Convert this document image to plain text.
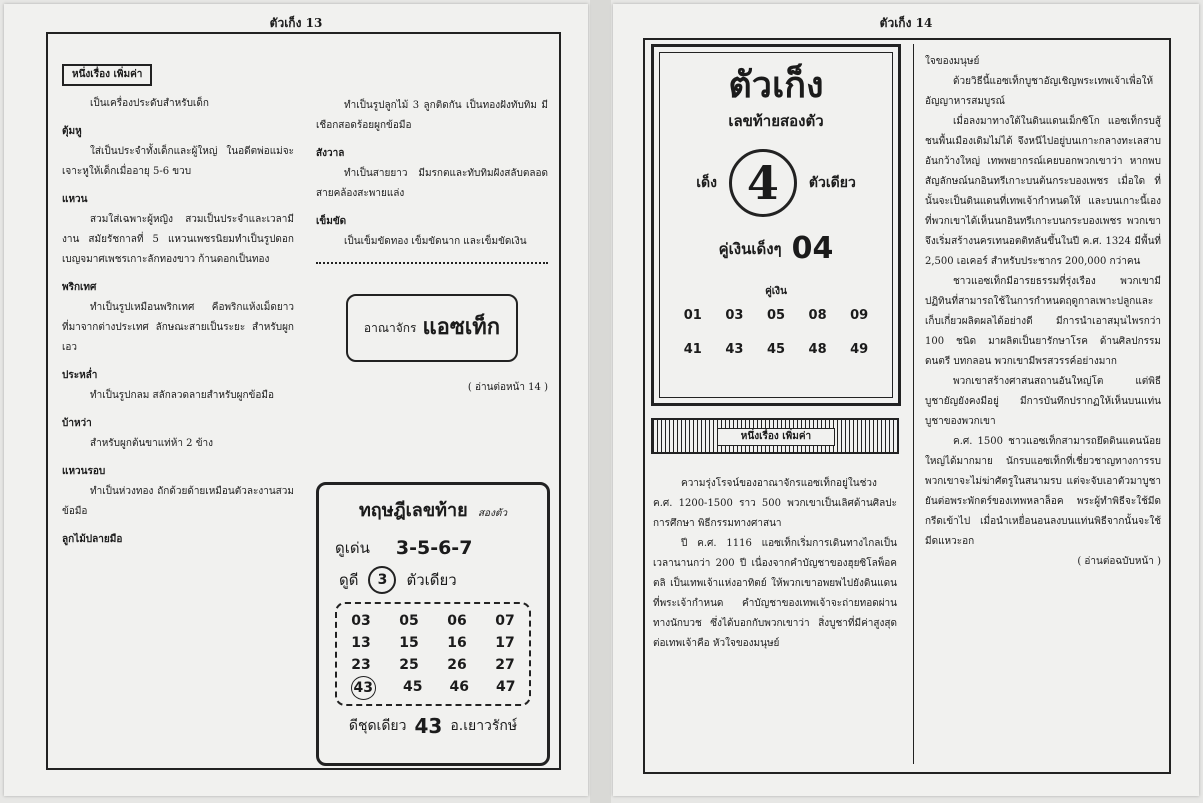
ตัวเก็ง 13
หนึ่งเรื่อง เพิ่มค่า

เป็นเครื่องประดับสำหรับเด็ก

ตุ้มหู

ใส่เป็นประจำทั้งเด็กและผู้ใหญ่ ในอดีตพ่อแม่จะเจาะหูให้เด็กเมื่ออายุ 5-6 ขวบ

แหวน

สวมใส่เฉพาะผู้หญิง สวมเป็นประจำและเวลามีงาน สมัยรัชกาลที่ 5 แหวนเพชรนิยมทำเป็นรูปดอกเบญจมาศเพชรเกาะลักทองขาว ก้านดอกเป็นทอง

พริกเทศ

ทำเป็นรูปเหมือนพริกเทศ คือพริกแห้งเม็ดยาวที่มาจากต่างประเทศ ลักษณะสายเป็นระยะ สำหรับผูกเอว

ประหล่ำ

ทำเป็นรูปกลม สลักลวดลายสำหรับผูกข้อมือ

บ้าหว่า

สำหรับผูกต้นขาแท่ห้า 2 ข้าง

แหวนรอบ

ทำเป็นห่วงทอง ถักด้วยด้ายเหมือนตัวละงานสวมข้อมือ

ลูกไม้ปลายมือ

ทำเป็นรูปลูกไม้ 3 ลูกติดกัน เป็นทองฝังทับทิม มีเชือกสอดร้อยผูกข้อมือ

สังวาล

ทำเป็นสายยาว มีมรกตและทับทิมฝังสลับตลอดสายคล้องสะพายแล่ง

เข็มขัด

เป็นเข็มขัดทอง เข็มขัดนาก และเข็มขัดเงิน

อาณาจักร แอซเท็ก
( อ่านต่อหน้า 14 )
ทฤษฎีเลขท้าย สองตัว
ดูเด่น 3-5-6-7
ดูดี	3	ตัวเดียว
03 05 06 07
13 15 16 17
23 25 26 27
43 45 46 47
ดีชุดเดียว 43 อ.เยาวรักษ์
ตัวเก็ง 14
ตัวเก็ง
เลขท้ายสองตัว
เด็ง 4	ตัวเดียว
คู่เงินเด็งๆ 04
คู่เงิน
01 03 05 08 09
41 43 45 48 49
หนึ่งเรื่อง เพิ่มค่า

ความรุ่งโรจน์ของอาณาจักรแอซเท็กอยู่ในช่วง ค.ศ. 1200-1500 ราว 500 พวกเขาเป็นเลิศด้านศิลปะ การศึกษา พิธีกรรมทางศาสนา

ปี ค.ศ. 1116 แอซเท็กเริ่มการเดินทางไกลเป็นเวลานานกว่า 200 ปี เนื่องจากคำบัญชาของฮุยซิโลพ็อคตลิ เป็นเทพเจ้าแห่งอาทิตย์ ให้พวกเขาอพยพไปยังดินแดนที่พระเจ้ากำหนด คำบัญชาของเทพเจ้าจะถ่ายทอดผ่านทางนักบวช ซึ่งได้บอกกับพวกเขาว่า สิ่งบูชาที่มีค่าสูงสุดต่อเทพเจ้าคือ หัวใจของมนุษย์

ใจของมนุษย์

ด้วยวิธีนี้แอซเท็กบูชาอัญเชิญพระเทพเจ้าเพื่อให้อัญญาหารสมบูรณ์

เมื่อลงมาทางใต้ในดินแดนเม็กซิโก แอซเท็กรบสู้ชนพื้นเมืองเดิมไม่ได้ จึงหนีไปอยู่บนเกาะกลางทะเลสาบอันกว้างใหญ่ เทพพยากรณ์เคยบอกพวกเขาว่า หากพบสัญลักษณ์นกอินทรีเกาะบนต้นกระบองเพชร เมื่อใด ที่นั้นจะเป็นดินแดนที่เทพเจ้ากำหนดให้ และบนเกาะนี้เองที่พวกเขาได้เห็นนกอินทรีเกาะบนกระบองเพชร พวกเขาจึงเริ่มสร้างนครเทนอตติทลันขึ้นในปี ค.ศ. 1324 มีพื้นที่ 2,500 เอเคอร์ สำหรับประชากร 200,000 กว่าคน

ชาวแอซเท็กมีอารยธรรมที่รุ่งเรือง พวกเขามีปฏิทินที่สามารถใช้ในการกำหนดฤดูกาลเพาะปลูกและเก็บเกี่ยวผลิตผลได้อย่างดี มีการนำเอาสมุนไพรกว่า 100 ชนิด มาผลิตเป็นยารักษาโรค ด้านศิลปกรรม ดนตรี บทกลอน พวกเขามีพรสวรรค์อย่างมาก

พวกเขาสร้างศาสนสถานอันใหญ่โต แต่พิธีบูชายัญยังคงมีอยู่ มีการบันทึกปรากฏให้เห็นบนแท่นบูชาของพวกเขา

ค.ศ. 1500 ชาวแอซเท็กสามารถยึดดินแดนน้อยใหญ่ได้มากมาย นักรบแอซเท็กที่เชี่ยวชาญทางการรบ พวกเขาจะไม่ฆ่าศัตรูในสนามรบ แต่จะจับเอาตัวมาบูชายันต่อพระพักตร์ของเทพหลาล็อค พระผู้ทำพิธีจะใช้มีดกรีดเข้าไป เมื่อนำเหยื่อนอนลงบนแท่นพิธีจากนั้นจะใช้มีดแหวะอก

( อ่านต่อฉบับหน้า )
